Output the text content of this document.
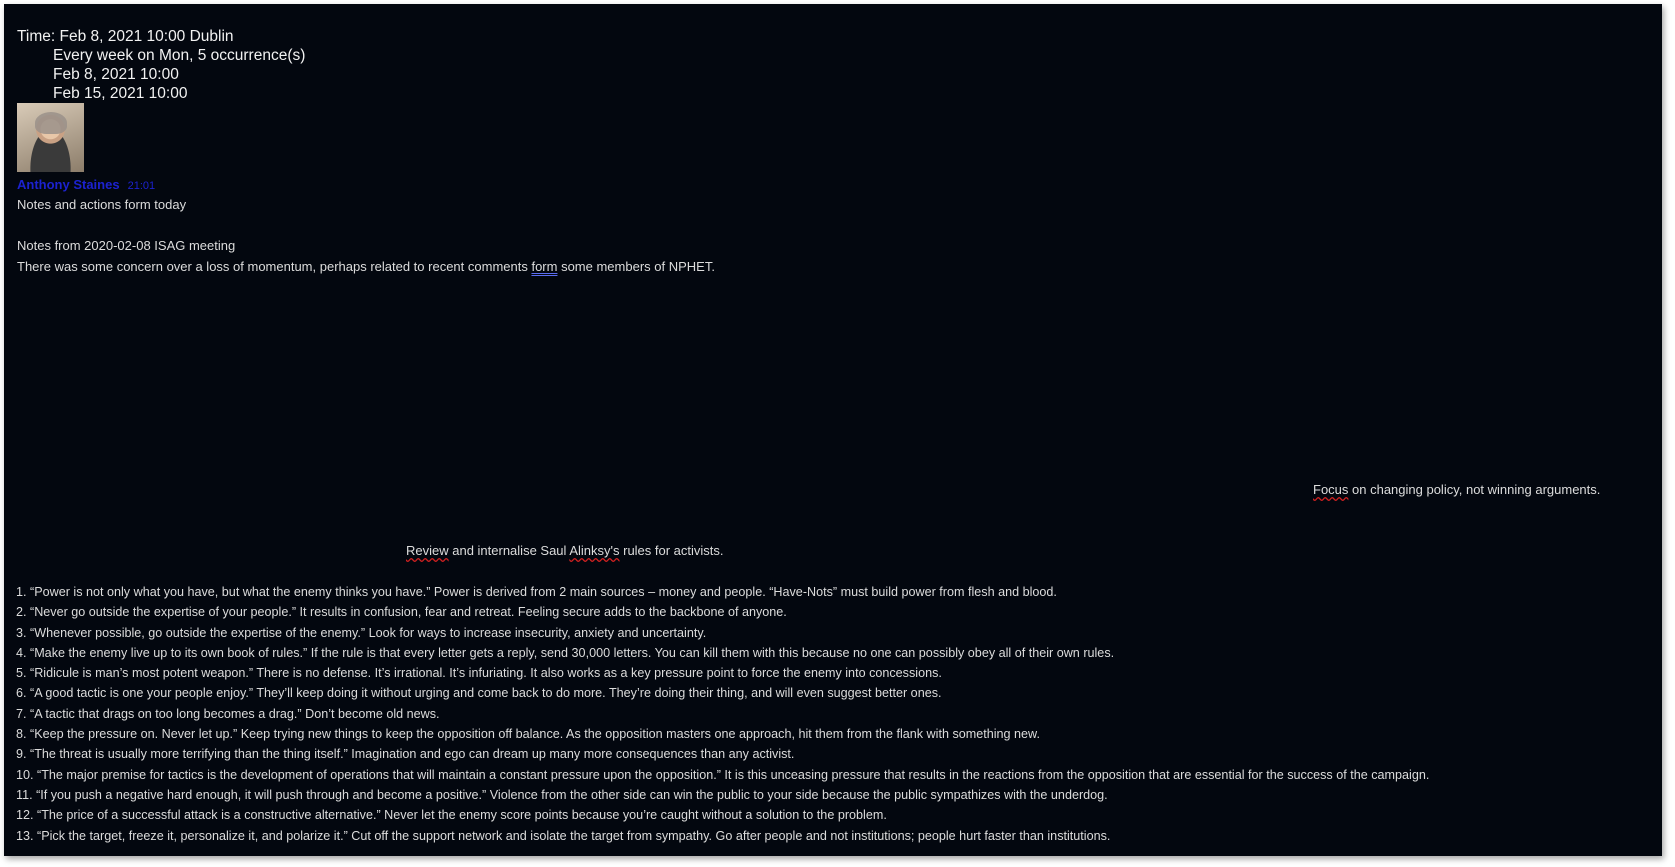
Time: Feb 8, 2021 10:00 Dublin
Every week on Mon, 5 occurrence(s)
Feb 8, 2021 10:00
Feb 15, 2021 10:00
Anthony Staines 21:01
Notes and actions form today
Notes from 2020-02-08 ISAG meeting
There was some concern over a loss of momentum, perhaps related to recent comments form some members of NPHET.
Focus on changing policy, not winning arguments.
Review and internalise Saul Alinksy's rules for activists.
1. “Power is not only what you have, but what the enemy thinks you have.” Power is derived from 2 main sources – money and people. “Have-Nots” must build power from flesh and blood.
2. “Never go outside the expertise of your people.” It results in confusion, fear and retreat. Feeling secure adds to the backbone of anyone.
3. “Whenever possible, go outside the expertise of the enemy.” Look for ways to increase insecurity, anxiety and uncertainty.
4. “Make the enemy live up to its own book of rules.” If the rule is that every letter gets a reply, send 30,000 letters. You can kill them with this because no one can possibly obey all of their own rules.
5. “Ridicule is man’s most potent weapon.” There is no defense. It’s irrational. It’s infuriating. It also works as a key pressure point to force the enemy into concessions.
6. “A good tactic is one your people enjoy.” They’ll keep doing it without urging and come back to do more. They’re doing their thing, and will even suggest better ones.
7. “A tactic that drags on too long becomes a drag.” Don’t become old news.
8. “Keep the pressure on. Never let up.” Keep trying new things to keep the opposition off balance. As the opposition masters one approach, hit them from the flank with something new.
9. “The threat is usually more terrifying than the thing itself.” Imagination and ego can dream up many more consequences than any activist.
10. “The major premise for tactics is the development of operations that will maintain a constant pressure upon the opposition.” It is this unceasing pressure that results in the reactions from the opposition that are essential for the success of the campaign.
11. “If you push a negative hard enough, it will push through and become a positive.” Violence from the other side can win the public to your side because the public sympathizes with the underdog.
12. “The price of a successful attack is a constructive alternative.” Never let the enemy score points because you’re caught without a solution to the problem.
13. “Pick the target, freeze it, personalize it, and polarize it.” Cut off the support network and isolate the target from sympathy. Go after people and not institutions; people hurt faster than institutions.
